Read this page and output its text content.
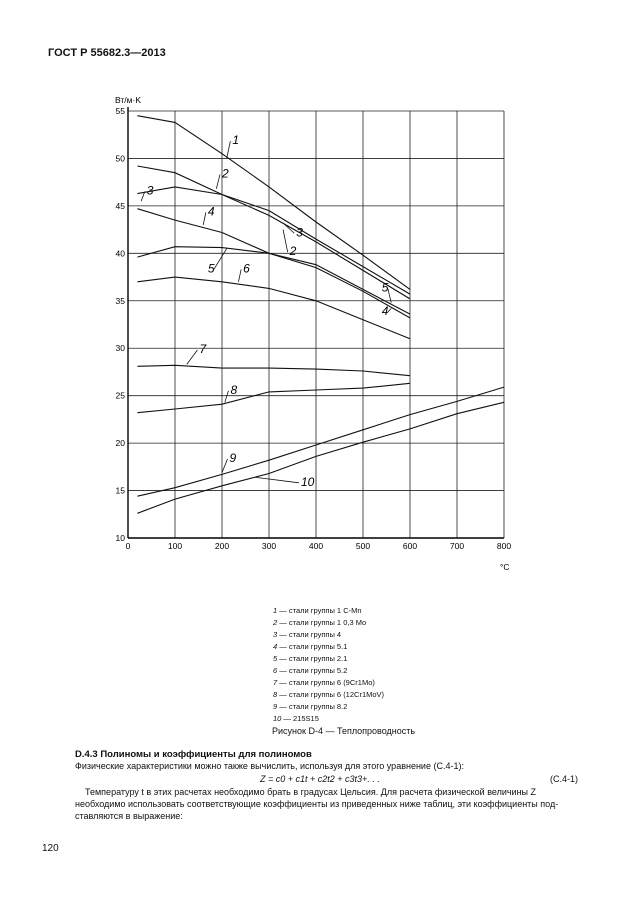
ГОСТ Р 55682.3—2013
0	100	200	300	400	500	600	700	800
10
15
20
25
30
35
40
45
50
55
1
2
3
4
5 6
7
8
9
10
3
2
5
4
Вт/м·K
°C
1 — стали группы 1 C-Mn
2 — стали группы 1 0,3 Mo
3 — стали группы 4
4 — стали группы 5.1
5 — стали группы 2.1
6 — стали группы 5.2
7 — стали группы 6 (9Cr1Mo)
8 — стали группы 6 (12Cr1MoV)
9 — стали группы 8.2
10 — 215S15
Рисунок D-4 — Теплопроводность
D.4.3 Полиномы и коэффициенты для полиномов
Физические характеристики можно также вычислить, используя для этого уравнение (C.4-1):
Z = c0 + c1t + c2t2 + c3t3+. . .	(C.4-1)
Температуру t в этих расчетах необходимо брать в градусах Цельсия. Для расчета физической величины Z
необходимо использовать соответствующие коэффициенты из приведенных ниже таблиц, эти коэффициенты под-
ставляются в выражение:
120
